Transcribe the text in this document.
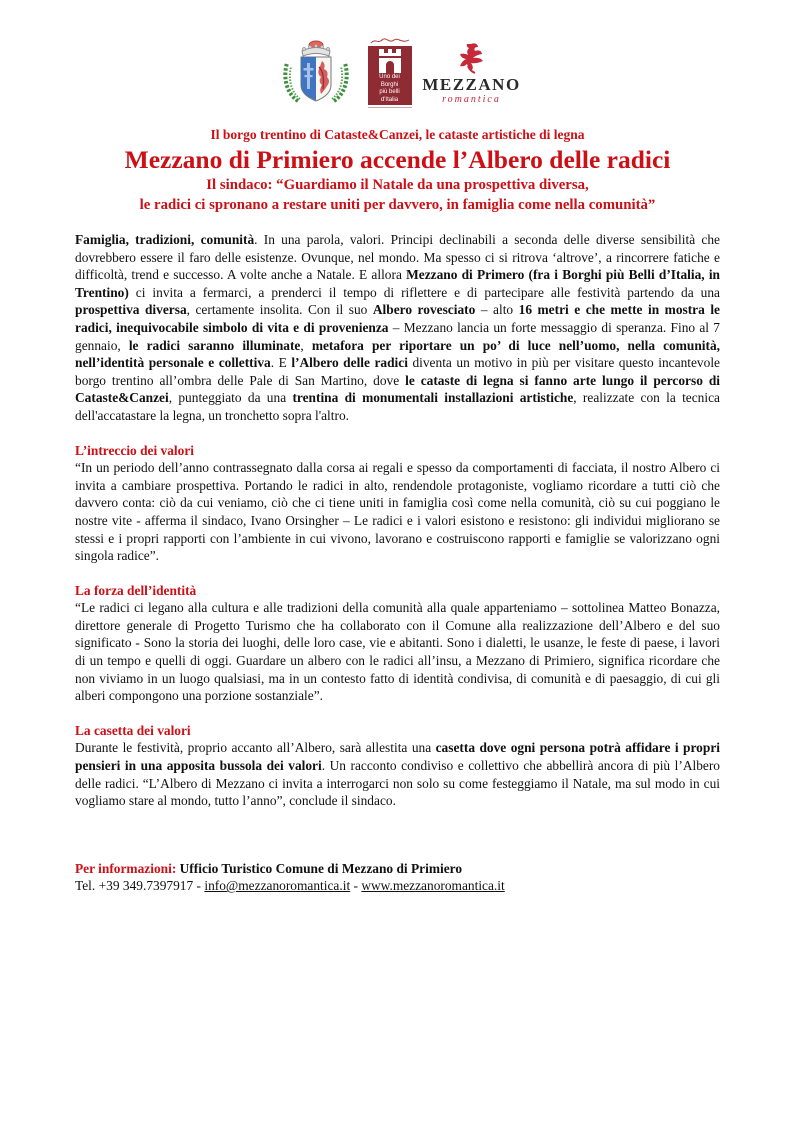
Uno dei
Borghi
più belli
d'Italia
MEZZANO
romantica
Il borgo trentino di Cataste&Canzei, le cataste artistiche di legna
Mezzano di Primiero accende l’Albero delle radici
Il sindaco: “Guardiamo il Natale da una prospettiva diversa,
le radici ci spronano a restare uniti per davvero, in famiglia come nella comunità”

Famiglia, tradizioni, comunità. In una parola, valori. Principi declinabili a seconda delle diverse sensibilità che dovrebbero essere il faro delle esistenze. Ovunque, nel mondo. Ma spesso ci si ritrova ‘altrove’, a rincorrere fatiche e difficoltà, trend e successo. A volte anche a Natale. E allora Mezzano di Primero (fra i Borghi più Belli d’Italia, in Trentino) ci invita a fermarci, a prenderci il tempo di riflettere e di partecipare alle festività partendo da una prospettiva diversa, certamente insolita. Con il suo Albero rovesciato – alto 16 metri e che mette in mostra le radici, inequivocabile simbolo di vita e di provenienza – Mezzano lancia un forte messaggio di speranza. Fino al 7 gennaio, le radici saranno illuminate, metafora per riportare un po’ di luce nell’uomo, nella comunità, nell’identità personale e collettiva. E l’Albero delle radici diventa un motivo in più per visitare questo incantevole borgo trentino all’ombra delle Pale di San Martino, dove le cataste di legna si fanno arte lungo il percorso di Cataste&Canzei, punteggiato da una trentina di monumentali installazioni artistiche, realizzate con la tecnica dell'accatastare la legna, un tronchetto sopra l'altro.

L’intreccio dei valori

“In un periodo dell’anno contrassegnato dalla corsa ai regali e spesso da comportamenti di facciata, il nostro Albero ci invita a cambiare prospettiva. Portando le radici in alto, rendendole protagoniste, vogliamo ricordare a tutti ciò che davvero conta: ciò da cui veniamo, ciò che ci tiene uniti in famiglia così come nella comunità, ciò su cui poggiano le nostre vite - afferma il sindaco, Ivano Orsingher – Le radici e i valori esistono e resistono: gli individui migliorano se stessi e i propri rapporti con l’ambiente in cui vivono, lavorano e costruiscono rapporti e famiglie se valorizzano ogni singola radice”.

La forza dell’identità

“Le radici ci legano alla cultura e alle tradizioni della comunità alla quale apparteniamo – sottolinea Matteo Bonazza, direttore generale di Progetto Turismo che ha collaborato con il Comune alla realizzazione dell’Albero e del suo significato - Sono la storia dei luoghi, delle loro case, vie e abitanti. Sono i dialetti, le usanze, le feste di paese, i lavori di un tempo e quelli di oggi. Guardare un albero con le radici all’insu, a Mezzano di Primiero, significa ricordare che non viviamo in un luogo qualsiasi, ma in un contesto fatto di identità condivisa, di comunità e di paesaggio, di cui gli alberi compongono una porzione sostanziale”.

La casetta dei valori

Durante le festività, proprio accanto all’Albero, sarà allestita una casetta dove ogni persona potrà affidare i propri pensieri in una apposita bussola dei valori. Un racconto condiviso e collettivo che abbellirà ancora di più l’Albero delle radici. “L’Albero di Mezzano ci invita a interrogarci non solo su come festeggiamo il Natale, ma sul modo in cui vogliamo stare al mondo, tutto l’anno”, conclude il sindaco.

Per informazioni: Ufficio Turistico Comune di Mezzano di Primiero
Tel. +39 349.7397917 - info@mezzanoromantica.it - www.mezzanoromantica.it
